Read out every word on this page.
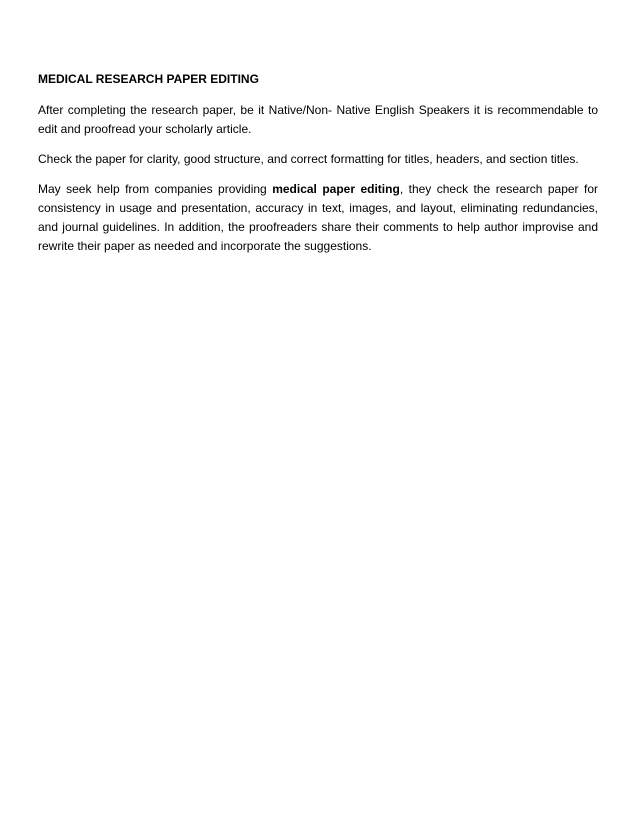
MEDICAL RESEARCH PAPER EDITING

After completing the research paper, be it Native/Non- Native English Speakers it is recommendable to edit and proofread your scholarly article.

Check the paper for clarity, good structure, and correct formatting for titles, headers, and section titles.

May seek help from companies providing medical paper editing, they check the research paper for consistency in usage and presentation, accuracy in text, images, and layout, eliminating redundancies, and journal guidelines. In addition, the proofreaders share their comments to help author improvise and rewrite their paper as needed and incorporate the suggestions.
